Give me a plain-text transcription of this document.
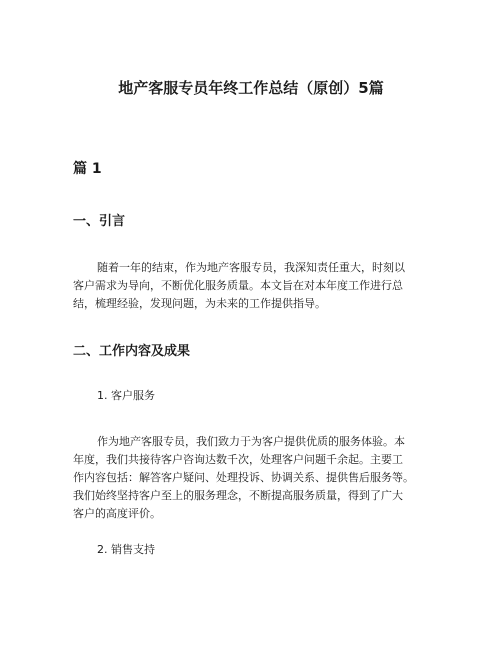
地产客服专员年终工作总结（原创）5篇
篇 1
一、引言
随着一年的结束，作为地产客服专员，我深知责任重大，时刻以
客户需求为导向，不断优化服务质量。本文旨在对本年度工作进行总
结，梳理经验，发现问题，为未来的工作提供指导。
二、工作内容及成果
1. 客户服务
作为地产客服专员，我们致力于为客户提供优质的服务体验。本
年度，我们共接待客户咨询达数千次，处理客户问题千余起。主要工
作内容包括：解答客户疑问、处理投诉、协调关系、提供售后服务等。
我们始终坚持客户至上的服务理念，不断提高服务质量，得到了广大
客户的高度评价。
2. 销售支持
